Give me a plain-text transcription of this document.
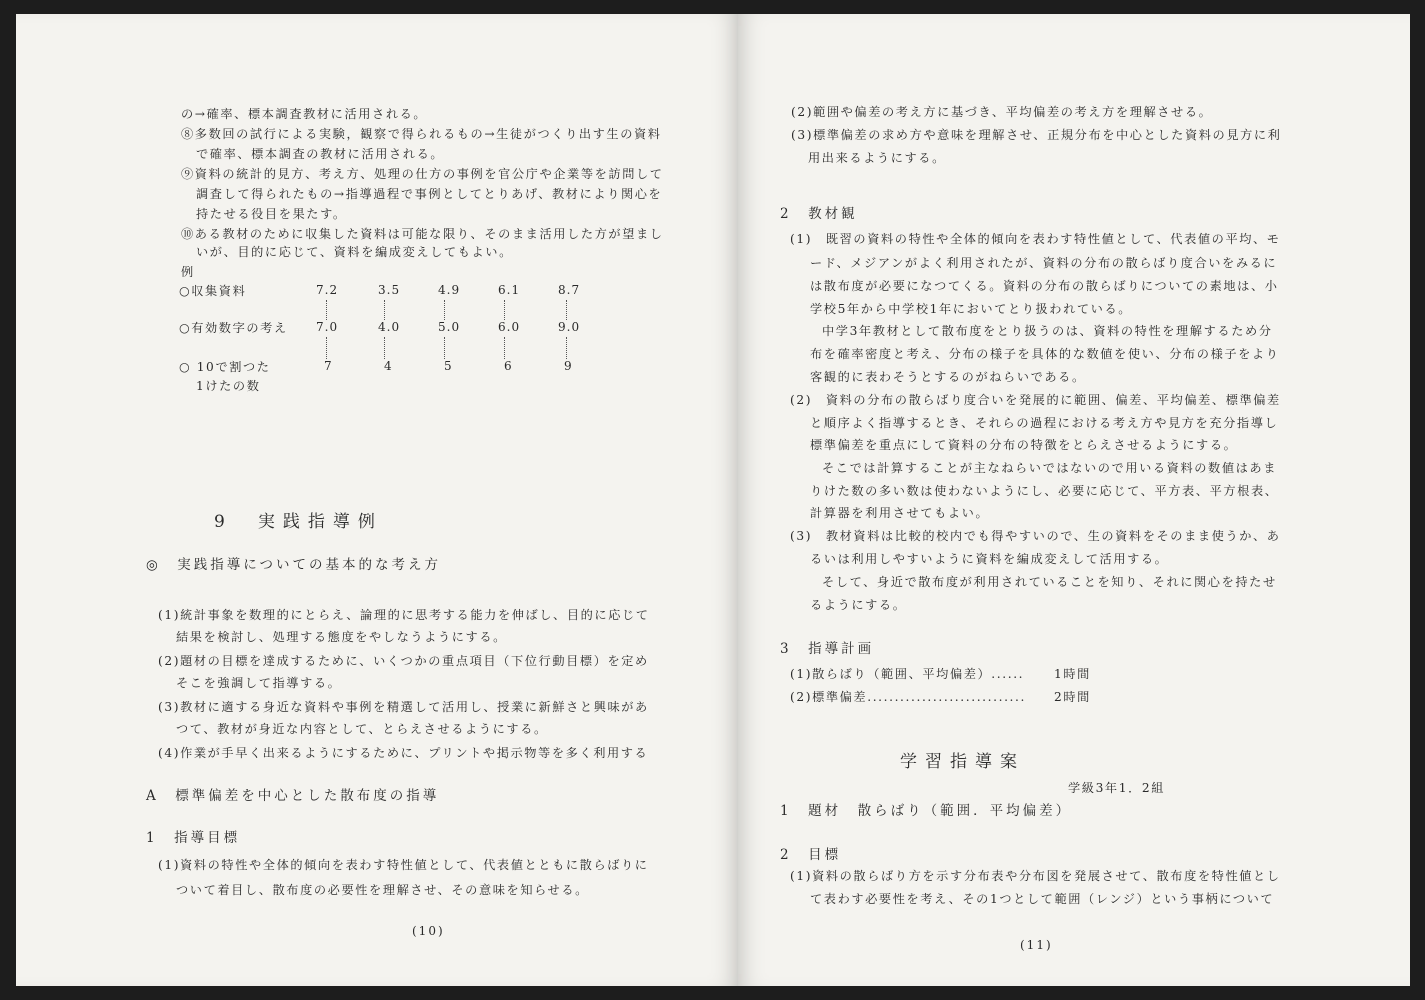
の→確率、標本調査教材に活用される。
⑧多数回の試行による実験，観察で得られるもの→生徒がつくり出す生の資料
で確率、標本調査の教材に活用される。
⑨資料の統計的見方、考え方、処理の仕方の事例を官公庁や企業等を訪問して
調査して得られたもの→指導過程で事例としてとりあげ、教材により関心を
持たせる役目を果たす。
⑩ある教材のために収集した資料は可能な限り、そのまま活用した方が望まし
いが、目的に応じて、資料を編成変えしてもよい。
例
○収集資料	7.2	3.5	4.9	6.1	8.7
○有効数字の考え 7.0	4.0	5.0	6.0	9.0
○ 10で割つた
1けたの数
7	4	5	6	9
9　実践指導例
◎　実践指導についての基本的な考え方
(1)統計事象を数理的にとらえ、論理的に思考する能力を伸ばし、目的に応じて
結果を検討し、処理する態度をやしなうようにする。
(2)題材の目標を達成するために、いくつかの重点項目（下位行動目標）を定め
そこを強調して指導する。
(3)教材に適する身近な資料や事例を精選して活用し、授業に新鮮さと興味があ
つて、教材が身近な内容として、とらえさせるようにする。
(4)作業が手早く出来るようにするために、プリントや掲示物等を多く利用する
A　標準偏差を中心とした散布度の指導
1　指導目標
(1)資料の特性や全体的傾向を表わす特性値として、代表値とともに散らばりに
ついて着目し、散布度の必要性を理解させ、その意味を知らせる。
(10)
(2)範囲や偏差の考え方に基づき、平均偏差の考え方を理解させる。
(3)標準偏差の求め方や意味を理解させ、正規分布を中心とした資料の見方に利
用出来るようにする。
2　教材観
(1)　既習の資料の特性や全体的傾向を表わす特性値として、代表値の平均、モ
ード、メジアンがよく利用されたが、資料の分布の散らばり度合いをみるに
は散布度が必要になつてくる。資料の分布の散らばりについての素地は、小
学校5年から中学校1年においてとり扱われている。
中学3年教材として散布度をとり扱うのは、資料の特性を理解するため分
布を確率密度と考え、分布の様子を具体的な数値を使い、分布の様子をより
客観的に表わそうとするのがねらいである。
(2)　資料の分布の散らばり度合いを発展的に範囲、偏差、平均偏差、標準偏差
と順序よく指導するとき、それらの過程における考え方や見方を充分指導し
標準偏差を重点にして資料の分布の特徴をとらえさせるようにする。
そこでは計算することが主なねらいではないので用いる資料の数値はあま
りけた数の多い数は使わないようにし、必要に応じて、平方表、平方根表、
計算器を利用させてもよい。
(3)　教材資料は比較的校内でも得やすいので、生の資料をそのまま使うか、あ
るいは利用しやすいように資料を編成変えして活用する。
そして、身近で散布度が利用されていることを知り、それに関心を持たせ
るようにする。
3　指導計画
(1)散らばり（範囲、平均偏差）...... 1時間
(2)標準偏差............................. 2時間
学習指導案
学級3年1．2組
1　題材　散らばり（範囲．平均偏差）
2　目標
(1)資料の散らばり方を示す分布表や分布図を発展させて、散布度を特性値とし
て表わす必要性を考え、その1つとして範囲（レンジ）という事柄について
(11)
